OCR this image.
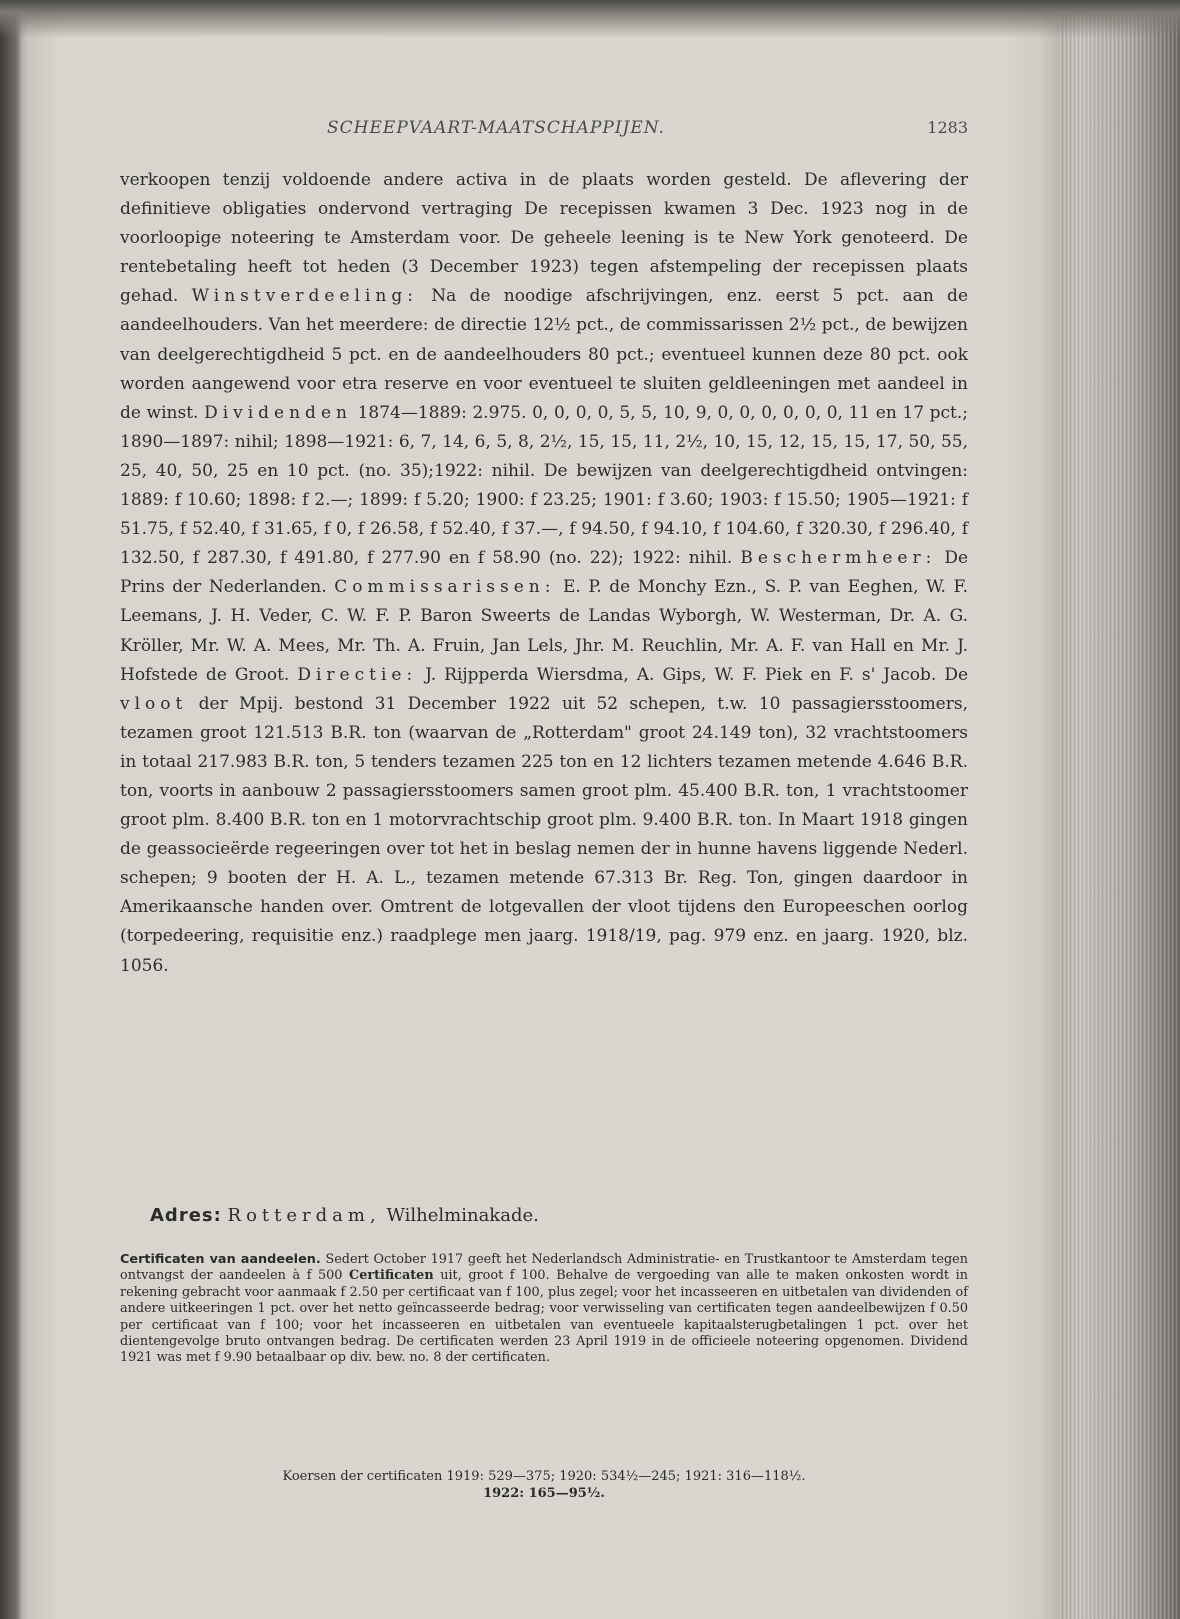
SCHEEPVAART-MAATSCHAPPIJEN.	1283

verkoopen tenzij voldoende andere activa in de plaats worden gesteld. De aflevering der definitieve obligaties ondervond vertraging De recepissen kwamen 3 Dec. 1923 nog in de voorloopige noteering te Amsterdam voor. De geheele leening is te New York genoteerd. De rentebetaling heeft tot heden (3 December 1923) tegen afstempeling der recepissen plaats gehad. Winstverdeeling: Na de noodige afschrijvingen, enz. eerst 5 pct. aan de aandeelhouders. Van het meerdere: de directie 12½ pct., de commissarissen 2½ pct., de bewijzen van deelgerechtigdheid 5 pct. en de aandeelhouders 80 pct.; eventueel kunnen deze 80 pct. ook worden aangewend voor etra reserve en voor eventueel te sluiten geldleeningen met aandeel in de winst. Dividenden 1874—1889: 2.975. 0, 0, 0, 0, 5, 5, 10, 9, 0, 0, 0, 0, 0, 0, 11 en 17 pct.; 1890—1897: nihil; 1898—1921: 6, 7, 14, 6, 5, 8, 2½, 15, 15, 11, 2½, 10, 15, 12, 15, 15, 17, 50, 55, 25, 40, 50, 25 en 10 pct. (no. 35);1922: nihil. De bewijzen van deelgerechtigdheid ontvingen: 1889: f 10.60; 1898: f 2.—; 1899: f 5.20; 1900: f 23.25; 1901: f 3.60; 1903: f 15.50; 1905—1921: f 51.75, f 52.40, f 31.65, f 0, f 26.58, f 52.40, f 37.—, f 94.50, f 94.10, f 104.60, f 320.30, f 296.40, f 132.50, f 287.30, f 491.80, f 277.90 en f 58.90 (no. 22); 1922: nihil. Beschermheer: De Prins der Nederlanden. Commissarissen: E. P. de Monchy Ezn., S. P. van Eeghen, W. F. Leemans, J. H. Veder, C. W. F. P. Baron Sweerts de Landas Wyborgh, W. Westerman, Dr. A. G. Kröller, Mr. W. A. Mees, Mr. Th. A. Fruin, Jan Lels, Jhr. M. Reuchlin, Mr. A. F. van Hall en Mr. J. Hofstede de Groot. Directie: J. Rijpperda Wiersdma, A. Gips, W. F. Piek en F. s' Jacob. De vloot der Mpij. bestond 31 December 1922 uit 52 schepen, t.w. 10 passagiersstoomers, tezamen groot 121.513 B.R. ton (waarvan de „Rotterdam" groot 24.149 ton), 32 vrachtstoomers in totaal 217.983 B.R. ton, 5 tenders tezamen 225 ton en 12 lichters tezamen metende 4.646 B.R. ton, voorts in aanbouw 2 passagiersstoomers samen groot plm. 45.400 B.R. ton, 1 vrachtstoomer groot plm. 8.400 B.R. ton en 1 motorvrachtschip groot plm. 9.400 B.R. ton. In Maart 1918 gingen de geassocieërde regeeringen over tot het in beslag nemen der in hunne havens liggende Nederl. schepen; 9 booten der H. A. L., tezamen metende 67.313 Br. Reg. Ton, gingen daardoor in Amerikaansche handen over. Omtrent de lotgevallen der vloot tijdens den Europeeschen oorlog (torpedeering, requisitie enz.) raadplege men jaarg. 1918/19, pag. 979 enz. en jaarg. 1920, blz. 1056.

Adres: Rotterdam, Wilhelminakade.

Certificaten van aandeelen. Sedert October 1917 geeft het Nederlandsch Administratie- en Trustkantoor te Amsterdam tegen ontvangst der aandeelen à f 500 Certificaten uit, groot f 100. Behalve de vergoeding van alle te maken onkosten wordt in rekening gebracht voor aanmaak f 2.50 per certificaat van f 100, plus zegel; voor het incasseeren en uitbetalen van dividenden of andere uitkeeringen 1 pct. over het netto geïncasseerde bedrag; voor verwisseling van certificaten tegen aandeelbewijzen f 0.50 per certificaat van f 100; voor het incasseeren en uitbetalen van eventueele kapitaalsterugbetalingen 1 pct. over het dientengevolge bruto ontvangen bedrag. De certificaten werden 23 April 1919 in de officieele noteering opgenomen. Dividend 1921 was met f 9.90 betaalbaar op div. bew. no. 8 der certificaten.

Koersen der certificaten 1919: 529—375; 1920: 534½—245; 1921: 316—118½.
1922: 165—95½.
